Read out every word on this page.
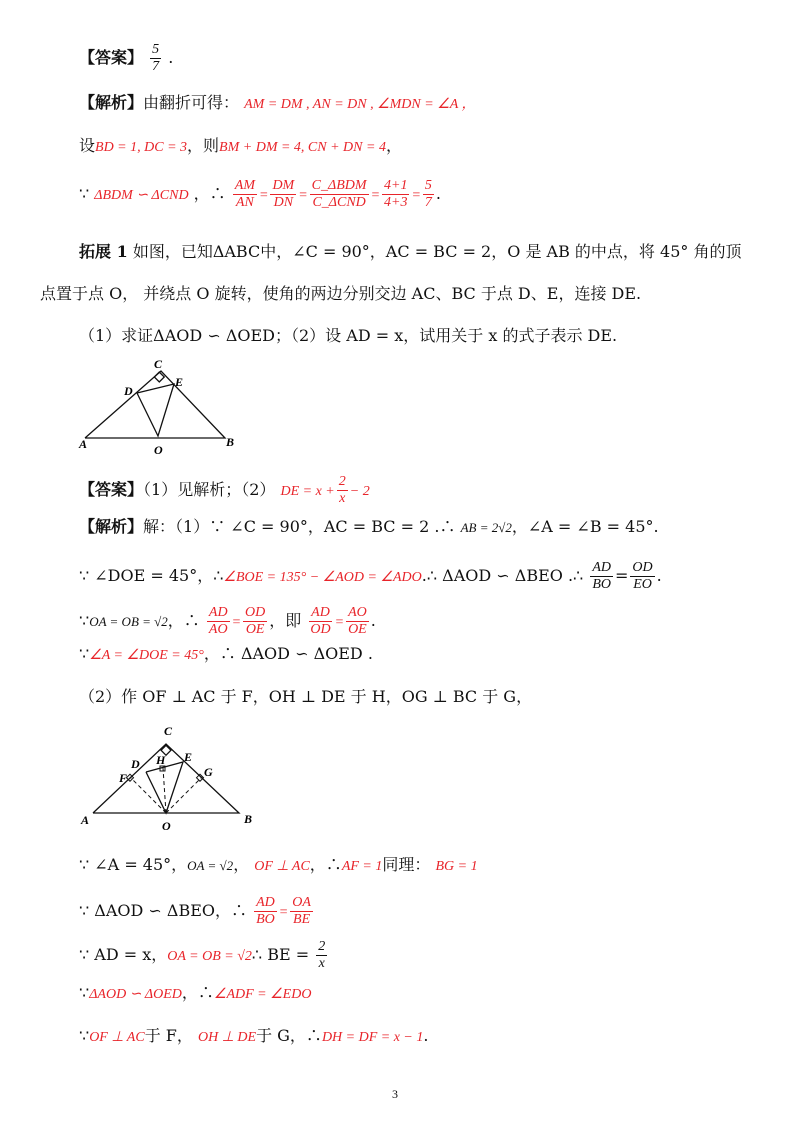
【答案】 $\frac{5}{7}$ .
【解析】由翻折可得： AM = DM , AN = DN , ∠MDN = ∠A ，
设BD = 1, DC = 3，则BM + DM = 4, CN + DN = 4，
∵ ΔBDM ∽ ΔCND ，∴ $\frac{AM}{AN} = \frac{DM}{DN} = \frac{\text{C\_ΔBDM}}{\text{C\_ΔCND}} = \frac{4+1}{4+3} = \frac{5}{7}$ .
拓展 1 如图，已知ΔABC中，∠C = 90°，AC = BC = 2，O 是 AB 的中点，将 45° 角的顶
点置于点 O， 并绕点 O 旋转，使角的两边分别交边 AC、BC 于点 D、E，连接 DE.
（1）求证ΔAOD ∽ ΔOED；（2）设 AD = x，试用关于 x 的式子表示 DE.
C
D
E
A	O
B
【答案】（1）见解析；（2） DE = $x + \frac{2}{x} - 2$
【解析】解：（1）∵ ∠C = 90°，AC = BC = 2 .∴ AB = 2√2，∠A = ∠B = 45°.
∵ ∠DOE = 45°，∴∠BOE = 135° − ∠AOD = ∠ADO.∴ ΔAOD ∽ ΔBEO .∴ $\frac{AD}{BO} = \frac{OD}{EO}$ .
∵OA = OB = √2，∴ $\frac{AD}{AO} = \frac{OD}{OE}$ ，即 $\frac{AD}{OD} = \frac{AO}{OE}$ .
∵∠A = ∠DOE = 45°，∴ ΔAOD ∽ ΔOED .
（2）作 OF ⊥ AC 于 F，OH ⊥ DE 于 H，OG ⊥ BC 于 G，
C
D H E
F	G
A	O	B
∵ ∠A = 45°，OA = √2， OF ⊥ AC，∴AF = 1同理： BG = 1
∵ ΔAOD ∽ ΔBEO，∴ $\frac{AD}{BO} = \frac{OA}{BE}$
∵ AD = x，OA = OB = √2∴ BE = $\frac{2}{x}$
∵ΔAOD ∽ ΔOED，∴∠ADF = ∠EDO
∵OF ⊥ AC于 F， OH ⊥ DE于 G，∴DH = DF = x − 1.
3
